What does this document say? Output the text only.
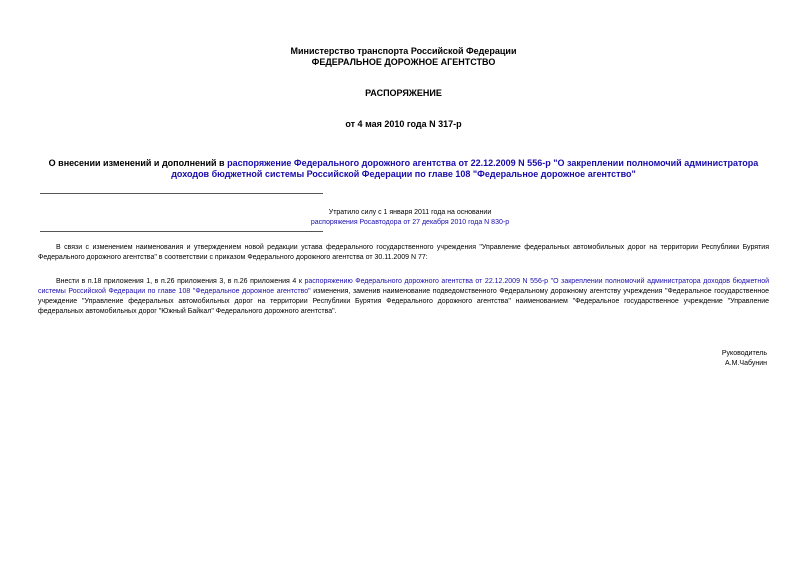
Министерство транспорта Российской Федерации
ФЕДЕРАЛЬНОЕ ДОРОЖНОЕ АГЕНТСТВО
РАСПОРЯЖЕНИЕ
от 4 мая 2010 года N 317-р
О внесении изменений и дополнений в распоряжение Федерального дорожного агентства от 22.12.2009 N 556-р "О закреплении полномочий администратора доходов бюджетной системы Российской Федерации по главе 108 "Федеральное дорожное агентство"
Утратило силу с 1 января 2011 года на основании
распоряжения Росавтодора от 27 декабря 2010 года N 830-р
В связи с изменением наименования и утверждением новой редакции устава федерального государственного учреждения "Управление федеральных автомобильных дорог на территории Республики Бурятия Федерального дорожного агентства" в соответствии с приказом Федерального дорожного агентства от 30.11.2009 N 77:
Внести в п.18 приложения 1, в п.26 приложения 3, в п.26 приложения 4 к распоряжению Федерального дорожного агентства от 22.12.2009 N 556-р "О закреплении полномочий администратора доходов бюджетной системы Российской Федерации по главе 108 "Федеральное дорожное агентство" изменения, заменив наименование подведомственного Федеральному дорожному агентству учреждения "Федеральное государственное учреждение "Управление федеральных автомобильных дорог на территории Республики Бурятия Федерального дорожного агентства" наименованием "Федеральное государственное учреждение "Управление федеральных автомобильных дорог "Южный Байкал" Федерального дорожного агентства".
Руководитель
А.М.Чабунин
